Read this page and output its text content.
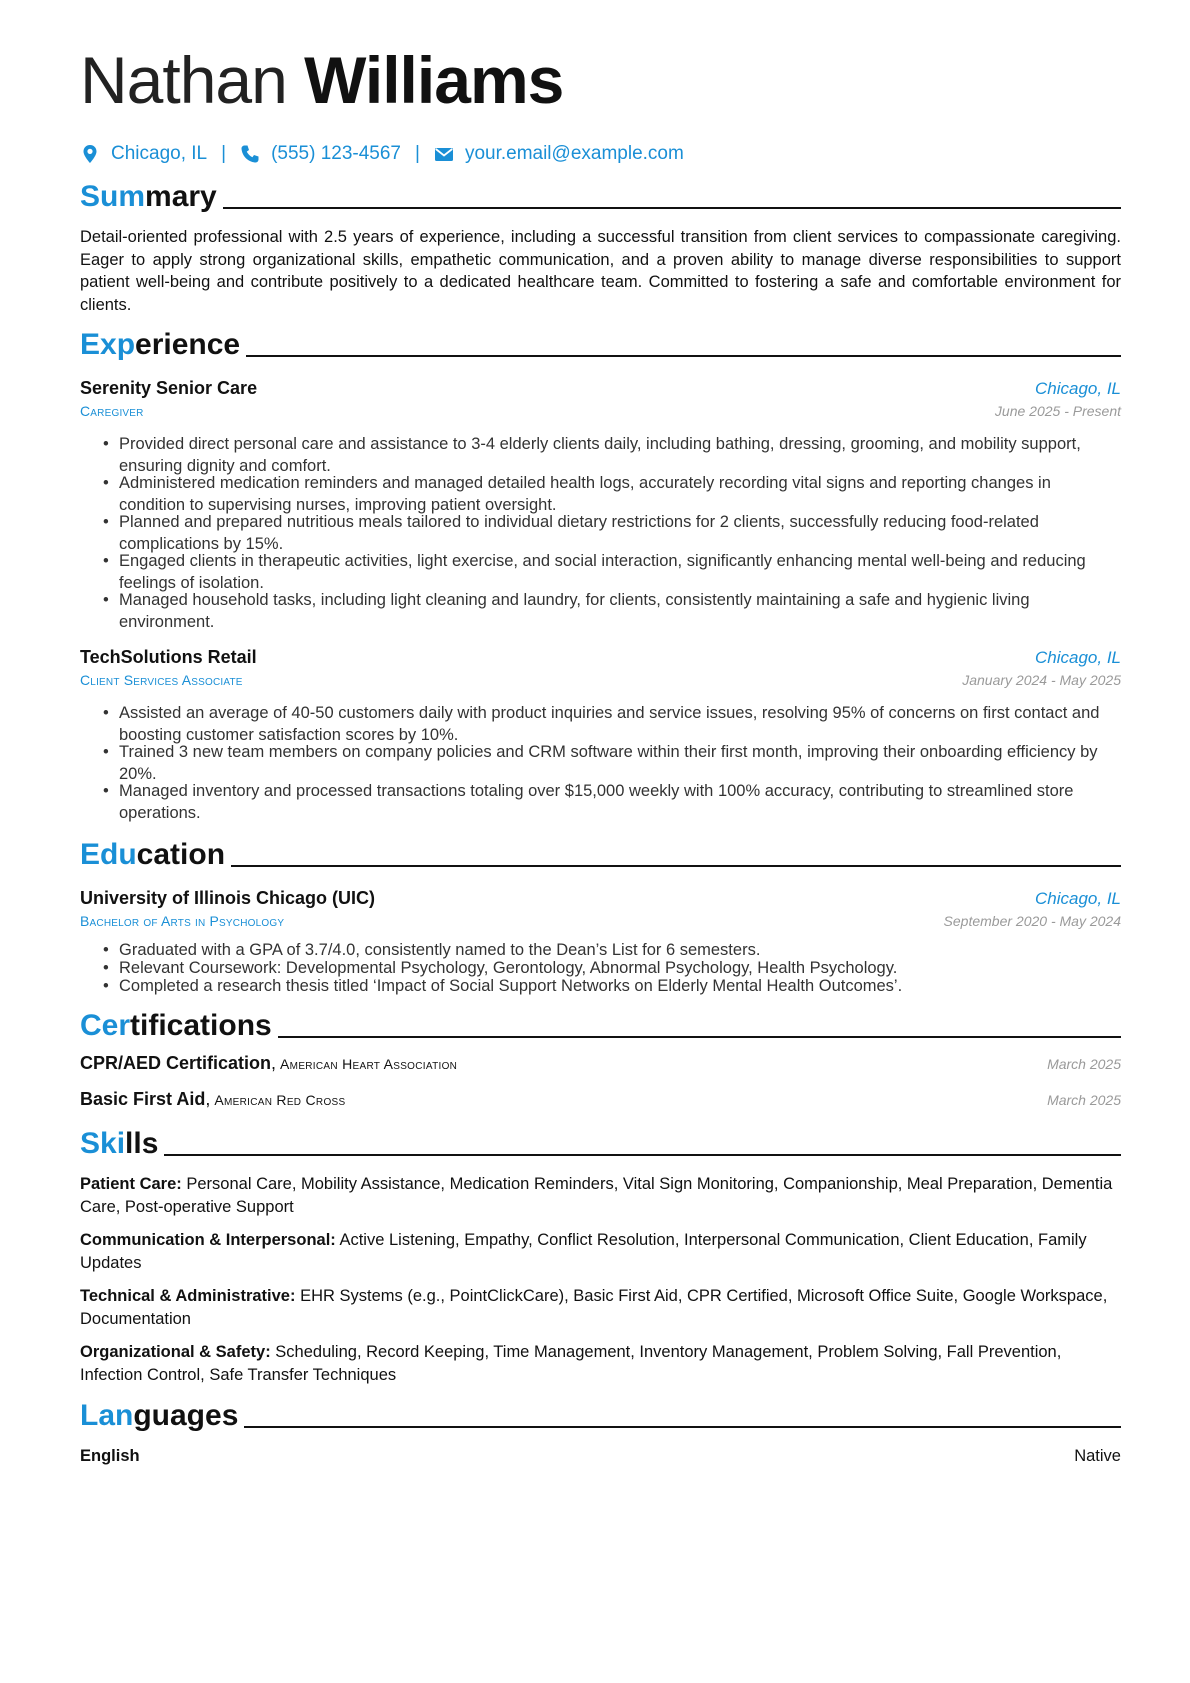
Nathan Williams
Chicago, IL | (555) 123-4567 | your.email@example.com
Summary
Detail-oriented professional with 2.5 years of experience, including a successful transition from client services to compassionate caregiving. Eager to apply strong organizational skills, empathetic communication, and a proven ability to manage diverse responsibilities to support patient well-being and contribute positively to a dedicated healthcare team. Committed to fostering a safe and comfortable environment for clients.
Experience
Serenity Senior Care	Chicago, IL
Caregiver	June 2025 - Present
• Provided direct personal care and assistance to 3-4 elderly clients daily, including bathing, dressing, grooming, and mobility support, ensuring dignity and comfort.
• Administered medication reminders and managed detailed health logs, accurately recording vital signs and reporting changes in condition to supervising nurses, improving patient oversight.
• Planned and prepared nutritious meals tailored to individual dietary restrictions for 2 clients, successfully reducing food-related complications by 15%.
• Engaged clients in therapeutic activities, light exercise, and social interaction, significantly enhancing mental well-being and reducing feelings of isolation.
• Managed household tasks, including light cleaning and laundry, for clients, consistently maintaining a safe and hygienic living environment.
TechSolutions Retail	Chicago, IL
Client Services Associate	January 2024 - May 2025
• Assisted an average of 40-50 customers daily with product inquiries and service issues, resolving 95% of concerns on first contact and boosting customer satisfaction scores by 10%.
• Trained 3 new team members on company policies and CRM software within their first month, improving their onboarding efficiency by 20%.
• Managed inventory and processed transactions totaling over $15,000 weekly with 100% accuracy, contributing to streamlined store operations.
Education
University of Illinois Chicago (UIC)	Chicago, IL
Bachelor of Arts in Psychology	September 2020 - May 2024
• Graduated with a GPA of 3.7/4.0, consistently named to the Dean’s List for 6 semesters.
• Relevant Coursework: Developmental Psychology, Gerontology, Abnormal Psychology, Health Psychology.
• Completed a research thesis titled ‘Impact of Social Support Networks on Elderly Mental Health Outcomes’.
Certifications
CPR/AED Certification, American Heart Association	March 2025
Basic First Aid, American Red Cross	March 2025
Skills
Patient Care: Personal Care, Mobility Assistance, Medication Reminders, Vital Sign Monitoring, Companionship, Meal Preparation, Dementia Care, Post-operative Support
Communication & Interpersonal: Active Listening, Empathy, Conflict Resolution, Interpersonal Communication, Client Education, Family Updates
Technical & Administrative: EHR Systems (e.g., PointClickCare), Basic First Aid, CPR Certified, Microsoft Office Suite, Google Workspace, Documentation
Organizational & Safety: Scheduling, Record Keeping, Time Management, Inventory Management, Problem Solving, Fall Prevention, Infection Control, Safe Transfer Techniques
Languages
English	Native
